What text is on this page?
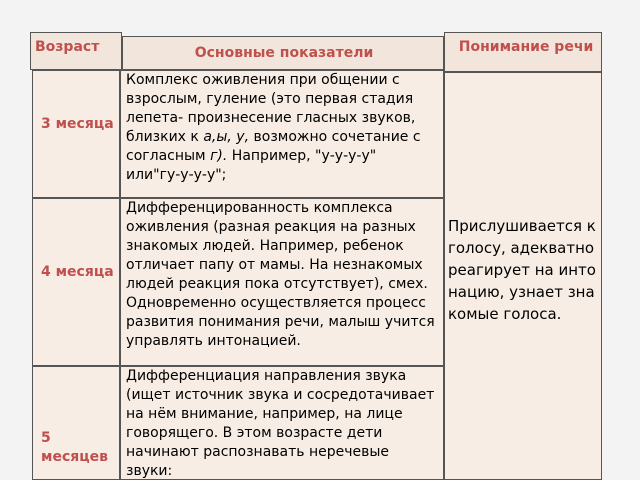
Возраст	Основные показатели	Понимание речи
3 месяца
Комплекс оживления при общении с взрослым, гуление (это первая стадия лепета- произнесение гласных звуков, близких к а,ы, у, возможно сочетание с согласным г). Например, "у-у-у-у" или"гу-у-у-у";
4 месяца
Дифференцированность комплекса оживления (разная реакция на разных знакомых людей. Например, ребенок отличает папу от мамы. На незнакомых людей реакция пока отсутствует), смех. Одновременно осуществляется процесс развития понимания речи, малыш учится управлять интонацией.
5 месяцев
Дифференциация направления звука (ищет источник звука и сосредотачивает на нём внимание, например, на лице говорящего. В этом возрасте дети начинают распознавать неречевые звуки:
Прислушивается к голосу, адекватно реагирует на интонацию, узнает знакомые голоса.
